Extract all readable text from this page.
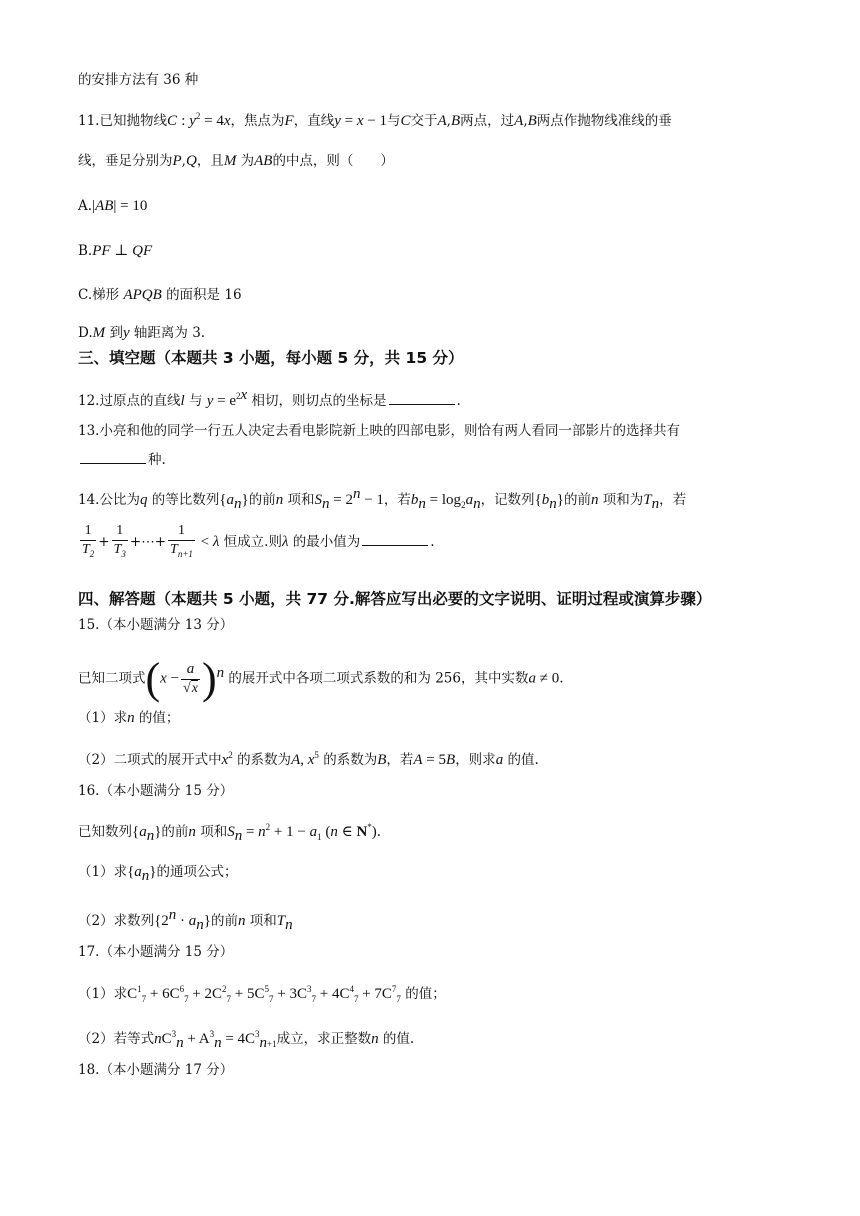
的安排方法有 36 种
11.已知抛物线C : $y^2 = 4x$，焦点为F，直线y = x − 1与C交于A,B两点，过A,B两点作抛物线准线的垂
线，垂足分别为P,Q，且M 为AB的中点，则（　　）
A.|AB| = 10
B.PF ⊥ QF
C.梯形 APQB 的面积是 16
D.M 到y 轴距离为 3.
三、填空题（本题共 3 小题，每小题 5 分，共 15 分）
12.过原点的直线l 与 $y = e^{2x}$ 相切，则切点的坐标是	.
13.小亮和他的同学一行五人决定去看电影院新上映的四部电影，则恰有两人看同一部影片的选择共有
种.
14.公比为q 的等比数列$\{a_n\}$的前n 项和$S_n = 2^n - 1$，若$b_n = \log_2a_n$，记数列$\{b_n\}$的前n 项和为$T_n$，若
$\frac{1}{T_2} + \frac{1}{T_3}$ +⋯+ $\frac{1}{T_{n+1}} < \lambda$ 恒成立.则λ 的最小值为	.
四、解答题（本题共 5 小题，共 77 分.解答应写出必要的文字说明、证明过程或演算步骤）
15.（本小题满分 13 分）
已知二项式$(x - \frac{a}{√x} )^n$ 的展开式中各项二项式系数的和为 256，其中实数a ≠ 0.
（1）求n 的值；
（2）二项式的展开式中$x^2$ 的系数为A, $x^5$ 的系数为B，若A = 5B，则求a 的值.
16.（本小题满分 15 分）
已知数列$\{a_n\}$的前n 项和$S_n = n^2 + 1 - a_1$ (n ∈ N*).
（1）求$\{a_n\}$的通项公式；
（2）求数列$\{2^n \cdot a_n\}$的前n 项和$T_n$
17.（本小题满分 15 分）
（1）求$C^1_7 + 6C^6_7 + 2C^2_7 + 5C^5_7 + 3C^3_7 + 4C^4_7 + 7C^7_7$ 的值；
（2）若等式$nC^3_n + A^3_n = 4C^3_{n+1}$成立，求正整数n 的值.
18.（本小题满分 17 分）
